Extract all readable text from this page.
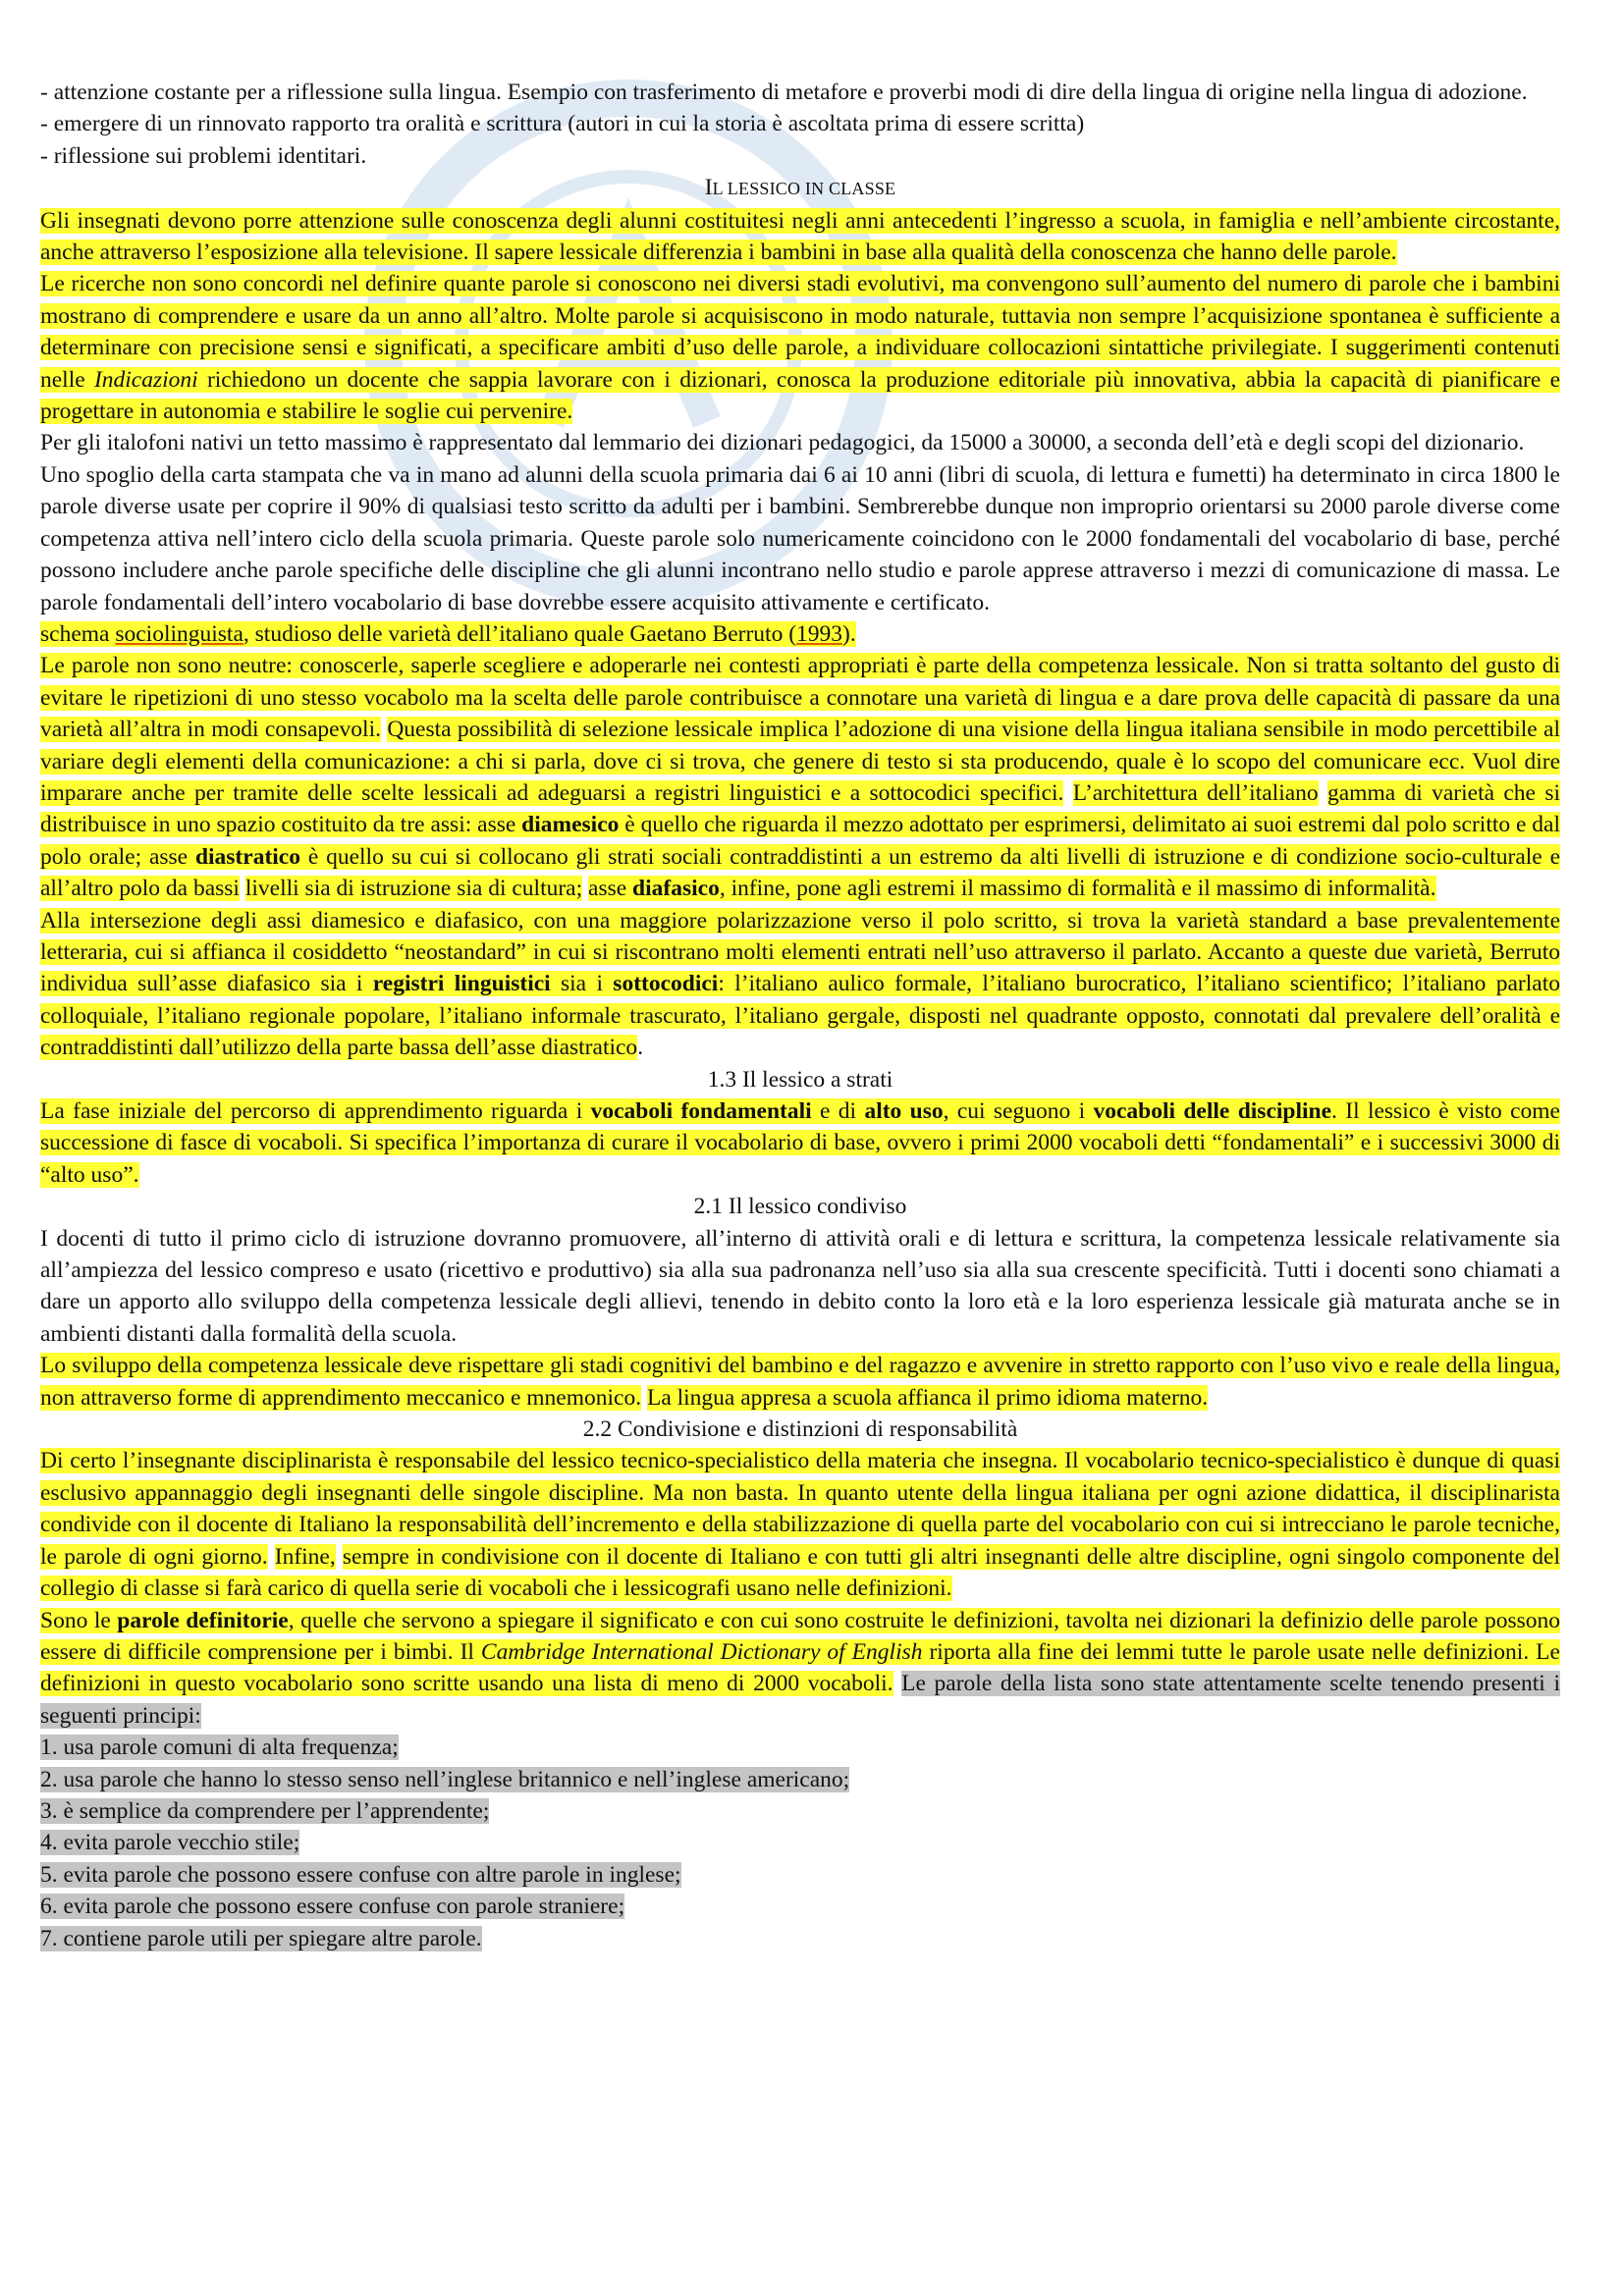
- attenzione costante per a riflessione sulla lingua. Esempio con trasferimento di metafore e proverbi modi di dire della lingua di origine nella lingua di adozione.

- emergere di un rinnovato rapporto tra oralità e scrittura (autori in cui la storia è ascoltata prima di essere scritta)

- riflessione sui problemi identitari.

IL LESSICO IN CLASSE

Gli insegnati devono porre attenzione sulle conoscenza degli alunni costituitesi negli anni antecedenti l’ingresso a scuola, in famiglia e nell’ambiente circostante, anche attraverso l’esposizione alla televisione. Il sapere lessicale differenzia i bambini in base alla qualità della conoscenza che hanno delle parole.

Le ricerche non sono concordi nel definire quante parole si conoscono nei diversi stadi evolutivi, ma convengono sull’aumento del numero di parole che i bambini mostrano di comprendere e usare da un anno all’altro. Molte parole si acquisiscono in modo naturale, tuttavia non sempre l’acquisizione spontanea è sufficiente a determinare con precisione sensi e significati, a specificare ambiti d’uso delle parole, a individuare collocazioni sintattiche privilegiate. I suggerimenti contenuti nelle Indicazioni richiedono un docente che sappia lavorare con i dizionari, conosca la produzione editoriale più innovativa, abbia la capacità di pianificare e progettare in autonomia e stabilire le soglie cui pervenire.

Per gli italofoni nativi un tetto massimo è rappresentato dal lemmario dei dizionari pedagogici, da 15000 a 30000, a seconda dell’età e degli scopi del dizionario.

Uno spoglio della carta stampata che va in mano ad alunni della scuola primaria dai 6 ai 10 anni (libri di scuola, di lettura e fumetti) ha determinato in circa 1800 le parole diverse usate per coprire il 90% di qualsiasi testo scritto da adulti per i bambini. Sembrerebbe dunque non improprio orientarsi su 2000 parole diverse come competenza attiva nell’intero ciclo della scuola primaria. Queste parole solo numericamente coincidono con le 2000 fondamentali del vocabolario di base, perché possono includere anche parole specifiche delle discipline che gli alunni incontrano nello studio e parole apprese attraverso i mezzi di comunicazione di massa. Le parole fondamentali dell’intero vocabolario di base dovrebbe essere acquisito attivamente e certificato.

schema sociolinguista, studioso delle varietà dell’italiano quale Gaetano Berruto (1993).

Le parole non sono neutre: conoscerle, saperle scegliere e adoperarle nei contesti appropriati è parte della competenza lessicale. Non si tratta soltanto del gusto di evitare le ripetizioni di uno stesso vocabolo ma la scelta delle parole contribuisce a connotare una varietà di lingua e a dare prova delle capacità di passare da una varietà all’altra in modi consapevoli. Questa possibilità di selezione lessicale implica l’adozione di una visione della lingua italiana sensibile in modo percettibile al variare degli elementi della comunicazione: a chi si parla, dove ci si trova, che genere di testo si sta producendo, quale è lo scopo del comunicare ecc. Vuol dire imparare anche per tramite delle scelte lessicali ad adeguarsi a registri linguistici e a sottocodici specifici. L’architettura dell’italiano gamma di varietà che si distribuisce in uno spazio costituito da tre assi: asse diamesico è quello che riguarda il mezzo adottato per esprimersi, delimitato ai suoi estremi dal polo scritto e dal polo orale; asse diastratico è quello su cui si collocano gli strati sociali contraddistinti a un estremo da alti livelli di istruzione e di condizione socio-culturale e all’altro polo da bassi livelli sia di istruzione sia di cultura; asse diafasico, infine, pone agli estremi il massimo di formalità e il massimo di informalità.

Alla intersezione degli assi diamesico e diafasico, con una maggiore polarizzazione verso il polo scritto, si trova la varietà standard a base prevalentemente letteraria, cui si affianca il cosiddetto “neostandard” in cui si riscontrano molti elementi entrati nell’uso attraverso il parlato. Accanto a queste due varietà, Berruto individua sull’asse diafasico sia i registri linguistici sia i sottocodici: l’italiano aulico formale, l’italiano burocratico, l’italiano scientifico; l’italiano parlato colloquiale, l’italiano regionale popolare, l’italiano informale trascurato, l’italiano gergale, disposti nel quadrante opposto, connotati dal prevalere dell’oralità e contraddistinti dall’utilizzo della parte bassa dell’asse diastratico.

1.3 Il lessico a strati

La fase iniziale del percorso di apprendimento riguarda i vocaboli fondamentali e di alto uso, cui seguono i vocaboli delle discipline. Il lessico è visto come successione di fasce di vocaboli. Si specifica l’importanza di curare il vocabolario di base, ovvero i primi 2000 vocaboli detti “fondamentali” e i successivi 3000 di “alto uso”.

2.1 Il lessico condiviso

I docenti di tutto il primo ciclo di istruzione dovranno promuovere, all’interno di attività orali e di lettura e scrittura, la competenza lessicale relativamente sia all’ampiezza del lessico compreso e usato (ricettivo e produttivo) sia alla sua padronanza nell’uso sia alla sua crescente specificità. Tutti i docenti sono chiamati a dare un apporto allo sviluppo della competenza lessicale degli allievi, tenendo in debito conto la loro età e la loro esperienza lessicale già maturata anche se in ambienti distanti dalla formalità della scuola.

Lo sviluppo della competenza lessicale deve rispettare gli stadi cognitivi del bambino e del ragazzo e avvenire in stretto rapporto con l’uso vivo e reale della lingua, non attraverso forme di apprendimento meccanico e mnemonico. La lingua appresa a scuola affianca il primo idioma materno.

2.2 Condivisione e distinzioni di responsabilità

Di certo l’insegnante disciplinarista è responsabile del lessico tecnico-specialistico della materia che insegna. Il vocabolario tecnico-specialistico è dunque di quasi esclusivo appannaggio degli insegnanti delle singole discipline. Ma non basta. In quanto utente della lingua italiana per ogni azione didattica, il disciplinarista condivide con il docente di Italiano la responsabilità dell’incremento e della stabilizzazione di quella parte del vocabolario con cui si intrecciano le parole tecniche, le parole di ogni giorno. Infine, sempre in condivisione con il docente di Italiano e con tutti gli altri insegnanti delle altre discipline, ogni singolo componente del collegio di classe si farà carico di quella serie di vocaboli che i lessicografi usano nelle definizioni.

Sono le parole definitorie, quelle che servono a spiegare il significato e con cui sono costruite le definizioni, tavolta nei dizionari la definizio delle parole possono essere di difficile comprensione per i bimbi. Il Cambridge International Dictionary of English riporta alla fine dei lemmi tutte le parole usate nelle definizioni. Le definizioni in questo vocabolario sono scritte usando una lista di meno di 2000 vocaboli. Le parole della lista sono state attentamente scelte tenendo presenti i seguenti principi:

1. usa parole comuni di alta frequenza;

2. usa parole che hanno lo stesso senso nell’inglese britannico e nell’inglese americano;

3. è semplice da comprendere per l’apprendente;

4. evita parole vecchio stile;

5. evita parole che possono essere confuse con altre parole in inglese;

6. evita parole che possono essere confuse con parole straniere;

7. contiene parole utili per spiegare altre parole.
